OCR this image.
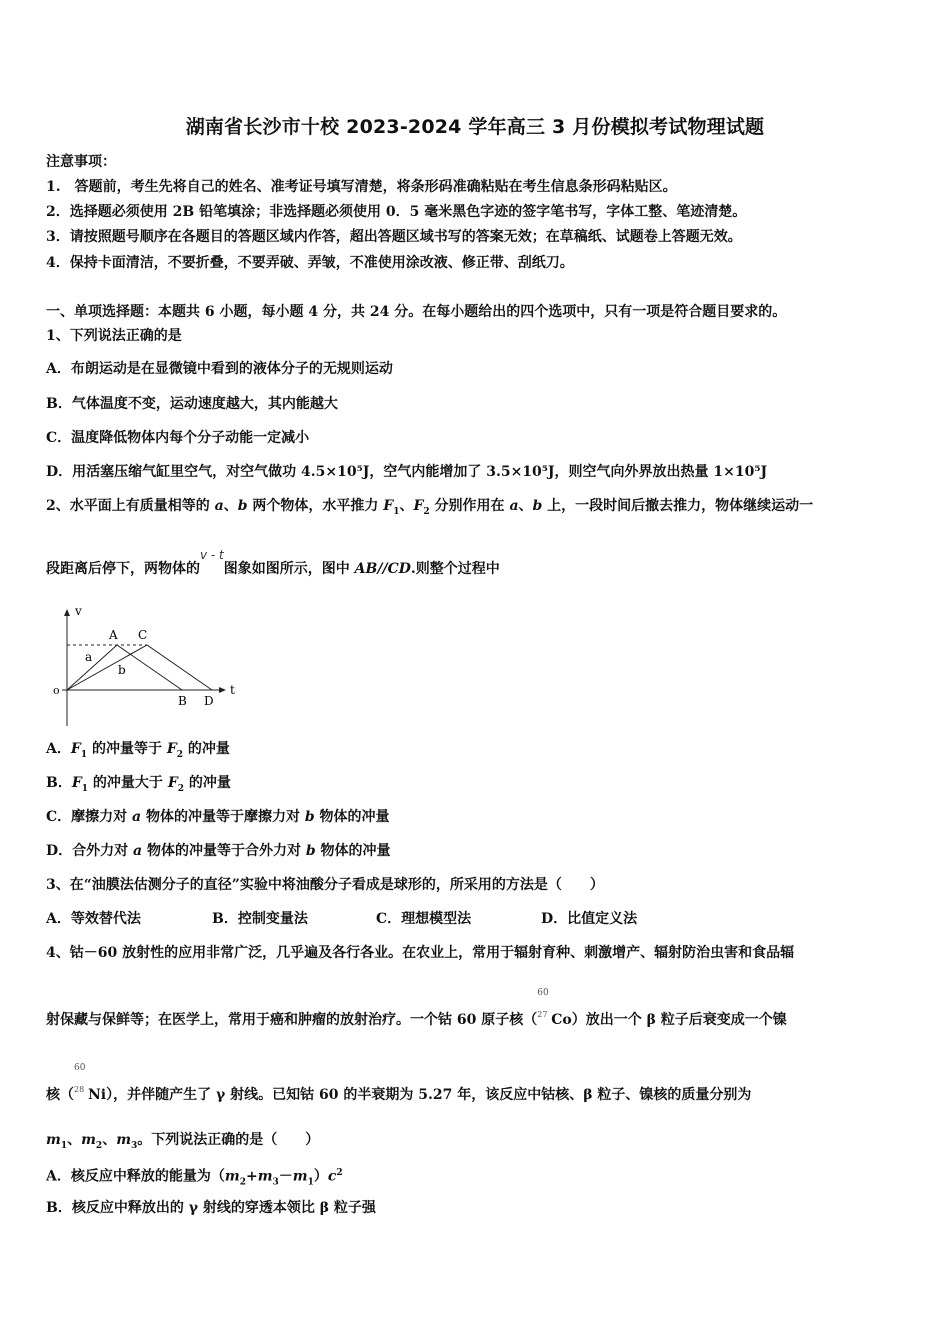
湖南省长沙市十校 2023-2024 学年高三 3 月份模拟考试物理试题
注意事项：
1.　答题前，考生先将自己的姓名、准考证号填写清楚，将条形码准确粘贴在考生信息条形码粘贴区。
2．选择题必须使用 2B 铅笔填涂；非选择题必须使用 0．5 毫米黑色字迹的签字笔书写，字体工整、笔迹清楚。
3．请按照题号顺序在各题目的答题区域内作答，超出答题区域书写的答案无效；在草稿纸、试题卷上答题无效。
4．保持卡面清洁，不要折叠，不要弄破、弄皱，不准使用涂改液、修正带、刮纸刀。
一、单项选择题：本题共 6 小题，每小题 4 分，共 24 分。在每小题给出的四个选项中，只有一项是符合题目要求的。
1、下列说法正确的是
A．布朗运动是在显微镜中看到的液体分子的无规则运动
B．气体温度不变，运动速度越大，其内能越大
C．温度降低物体内每个分子动能一定减小
D．用活塞压缩气缸里空气，对空气做功 4.5×10⁵J，空气内能增加了 3.5×10⁵J，则空气向外界放出热量 1×10⁵J
2、水平面上有质量相等的 a、b 两个物体，水平推力 $F_1$、$F_2$ 分别作用在 a、b 上，一段时间后撤去推力，物体继续运动一
段距离后停下，两物体的v - t图象如图所示，图中 AB//CD.则整个过程中
v
t
o
A C
B D
a
b
A．$F_1$ 的冲量等于 $F_2$ 的冲量
B．$F_1$ 的冲量大于 $F_2$ 的冲量
C．摩擦力对 a 物体的冲量等于摩擦力对 b 物体的冲量
D．合外力对 a 物体的冲量等于合外力对 b 物体的冲量
3、在“油膜法估测分子的直径”实验中将油酸分子看成是球形的，所采用的方法是（　　）
A．等效替代法	B．控制变量法	C．理想模型法	D．比值定义法
4、钴－60 放射性的应用非常广泛，几乎遍及各行各业。在农业上，常用于辐射育种、刺激增产、辐射防治虫害和食品辐
射保藏与保鲜等；在医学上，常用于癌和肿瘤的放射治疗。一个钴 60 原子核（
60
27 Co）放出一个 β 粒子后衰变成一个镍
核（
60
28 Ni），并伴随产生了 γ 射线。已知钴 60 的半衰期为 5.27 年，该反应中钴核、β 粒子、镍核的质量分别为
$m_1$、$m_2$、$m_3$。下列说法正确的是（　　）
A．核反应中释放的能量为$(m_2+m_3-m_1)c^2$
B．核反应中释放出的 γ 射线的穿透本领比 β 粒子强
